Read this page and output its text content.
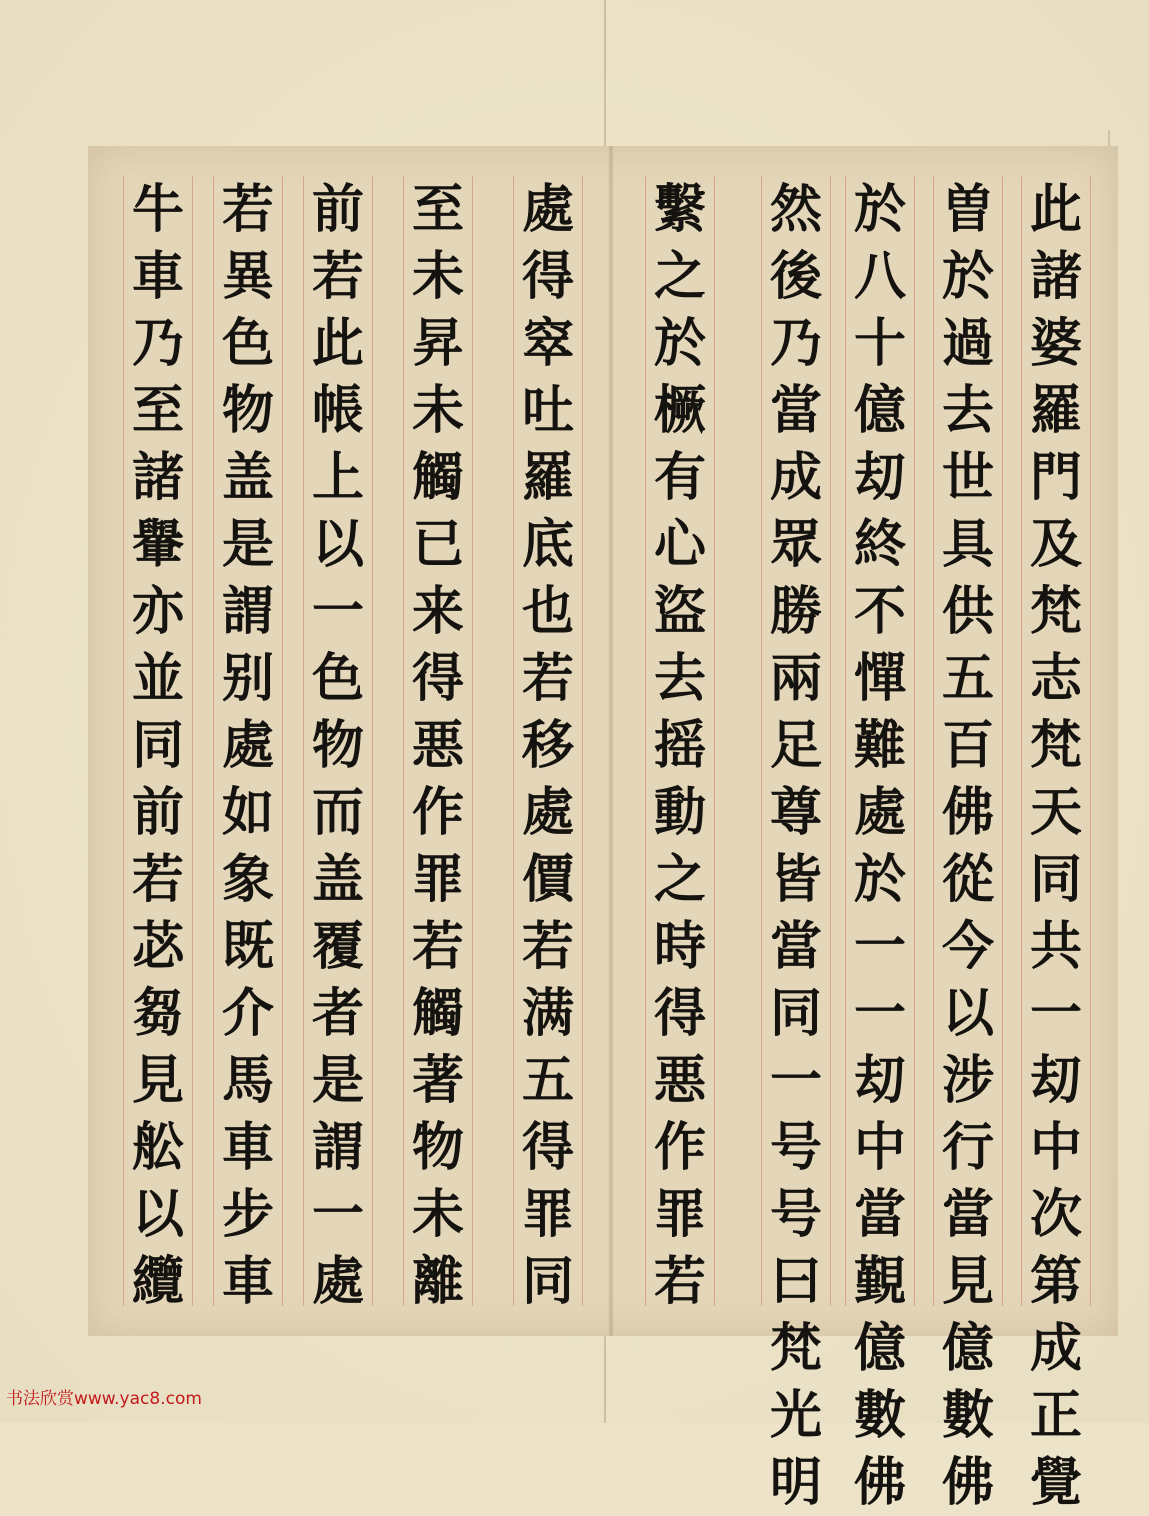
此
諸
婆
羅
門
及
梵
志
梵
天
同
共
一
刧
中
次
第
成
正
覺
曽
於
過
去
世
具
供
五
百
佛
從
今
以
涉
行
當
見
億
數
佛
於
八
十
億
刧
終
不
憚
難
處
於
一
一
刧
中
當
覲
億
數
佛
然
後
乃
當
成
眾
勝
兩
足
尊
皆
當
同
一
号
号
曰
梵
光
明
繫
之
於
橛
有
心
盜
去
摇
動
之
時
得
悪
作
罪
若
處
得
窣
吐
羅
底
也
若
移
處
價
若
满
五
得
罪
同
至
未
昇
未
觸
已
来
得
悪
作
罪
若
觸
著
物
未
離
前
若
此
帳
上
以
一
色
物
而
盖
覆
者
是
謂
一
處
若
異
色
物
盖
是
謂
别
處
如
象
既
介
馬
車
步
車
牛
車
乃
至
諸
轝
亦
並
同
前
若
苾
芻
見
舩
以
纜
书法欣赏www.yac8.com
